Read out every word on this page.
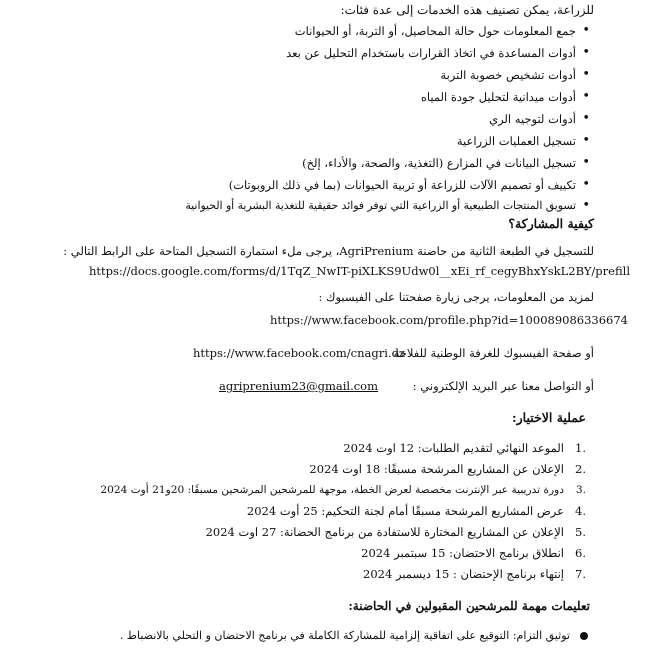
للزراعة، يمكن تصنيف هذه الخدمات إلى عدة فئات:
• جمع المعلومات حول حالة المحاصيل، أو التربة، أو الحيوانات
• أدوات المساعدة في اتخاذ القرارات باستخدام التحليل عن بعد
• أدوات تشخيص خصوبة التربة
• أدوات ميدانية لتحليل جودة المياه
• أدوات لتوجيه الري
• تسجيل العمليات الزراعية
• تسجيل البيانات في المزارع (التغذية، والصحة، والأداء، إلخ)
• تكييف أو تصميم الآلات للزراعة أو تربية الحيوانات (بما في ذلك الروبوتات)
• تسويق المنتجات الطبيعية أو الزراعية التي توفر فوائد حقيقية للتغذية البشرية أو الحيوانية
كيفية المشاركة؟
للتسجيل في الطبعة الثانية من حاضنة AgriPrenium، يرجى ملء استمارة التسجيل المتاحة على الرابط التالي :
https://docs.google.com/forms/d/1TqZ_NwIT-piXLKS9Udw0l__xEi_rf_cegyBhxYskL2BY/prefill
لمزيد من المعلومات، يرجى زيارة صفحتنا على الفيسبوك :
https://www.facebook.com/profile.php?id=100089086336674
أو صفحة الفيسبوك للغرفة الوطنية للفلاحة
https://www.facebook.com/cnagri.dz
أو التواصل معنا عبر البريد الإلكتروني :
agriprenium23@gmail.com
عملية الاختيار:
1.
الموعد النهائي لتقديم الطلبات: 12 اوت 2024
2.
الإعلان عن المشاريع المرشحة مسبقًا: 18 اوت 2024
3.
دورة تدريبية عبر الإنترنت مخصصة لعرض الخطة، موجهة للمرشحين المرشحين مسبقًا: 20و21 أوت 2024
4.
عرض المشاريع المرشحة مسبقًا أمام لجنة التحكيم: 25 أوت 2024
5.
الإعلان عن المشاريع المختارة للاستفادة من برنامج الحضانة: 27 اوت 2024
6.
انطلاق برنامج الاحتضان: 15 سبتمبر 2024
7.
إنتهاء برنامج الإحتضان : 15 ديسمبر 2024
تعليمات مهمة للمرشحين المقبولين في الحاضنة:
توثيق التزام: التوقيع على اتفاقية إلزامية للمشاركة الكاملة في برنامج الاحتضان و التحلي بالانضباط .
